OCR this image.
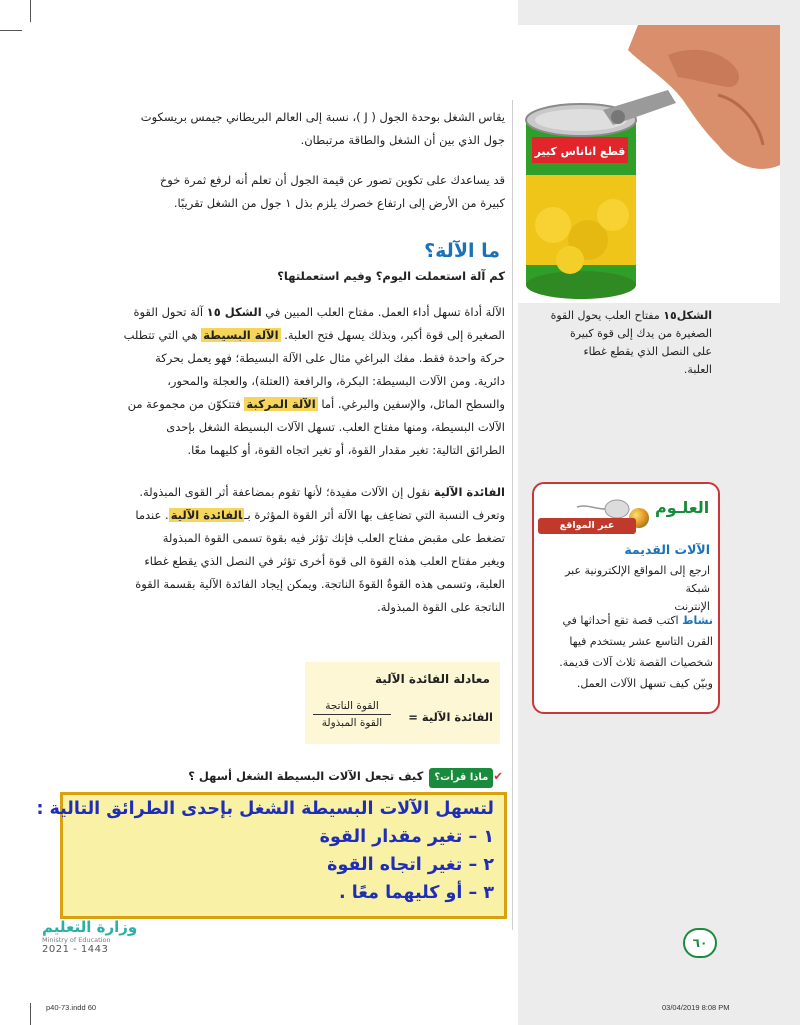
يقاس الشغل بوحدة الجول ( J )، نسبة إلى العالم البريطاني جيمس بريسكوت
جول الذي بين أن الشغل والطاقة مرتبطان.
قد يساعدك على تكوين تصور عن قيمة الجول أن تعلم أنه لرفع ثمرة خوخ
كبيرة من الأرض إلى ارتفاع خصرك يلزم بذل ١ جول من الشغل تقريبًا.
ما الآلة؟
كم آلة استعملت اليوم؟ وفيم استعملتها؟
الآلة أداة تسهل أداء العمل. مفتاح العلب المبين في الشكل ١٥ آلة تحول القوة
الصغيرة إلى قوة أكبر، وبذلك يسهل فتح العلبة. الآلة البسيطة هي التي تتطلب
حركة واحدة فقط. مفك البراغي مثال على الآلة البسيطة؛ فهو يعمل بحركة
دائرية. ومن الآلات البسيطة: البكرة، والرافعة (العتلة)، والعجلة والمحور،
والسطح المائل، والإسفين والبرغي. أما الآلة المركبة فتتكوّن من مجموعة من
الآلات البسيطة، ومنها مفتاح العلب. تسهل الآلات البسيطة الشغل بإحدى
الطرائق التالية: تغير مقدار القوة، أو تغير اتجاه القوة، أو كليهما معًا.
الفائدة الآلية نقول إن الآلات مفيدة؛ لأنها تقوم بمضاعفة أثر القوى المبذولة.
وتعرف النسبة التي تضاعِف بها الآلة أثر القوة المؤثرة بـالفائدة الآلية. عندما
تضغط على مقبض مفتاح العلب فإنك تؤثر فيه بقوة تسمى القوة المبذولة
ويغير مفتاح العلب هذه القوة الى قوة أخرى تؤثر في النصل الذي يقطع غطاء
العلبة، وتسمى هذه القوةُ القوةَ الناتجة. ويمكن إيجاد الفائدة الآلية بقسمة القوة
الناتجة على القوة المبذولة.
معادلة الفائدة الآلية
القوة الناتجة
القوة المبذولة	الفائدة الآلية =
✔ماذا قرأت؟كيف تجعل الآلات البسيطة الشغل أسهل ؟
لتسهل الآلات البسيطة الشغل بإحدى الطرائق التالية :
١ – تغير مقدار القوة
٢ – تغير اتجاه القوة
٣ – أو كليهما معًا .
قطع اناناس كبير
الشكل١٥ مفتاح العلب يحول القوة
الصغيرة من يدك إلى قوة كبيرة
على النصل الذي يقطع غطاء
العلبة.
العلـوم
عبر المواقع الإلكترونية
الآلات القديمة
ارجع إلى المواقع الإلكترونية عبر شبكة
الإنترنت
نشاط اكتب قصة تقع أحداثها في
القرن التاسع عشر يستخدم فيها
شخصيات القصة ثلاث آلات قديمة.
وبيّن كيف تسهل الآلات العمل.
وزارة التعليم
Ministry of Education
2021 - 1443	٦٠
p40-73.indd 60	03/04/2019 8:08 PM
